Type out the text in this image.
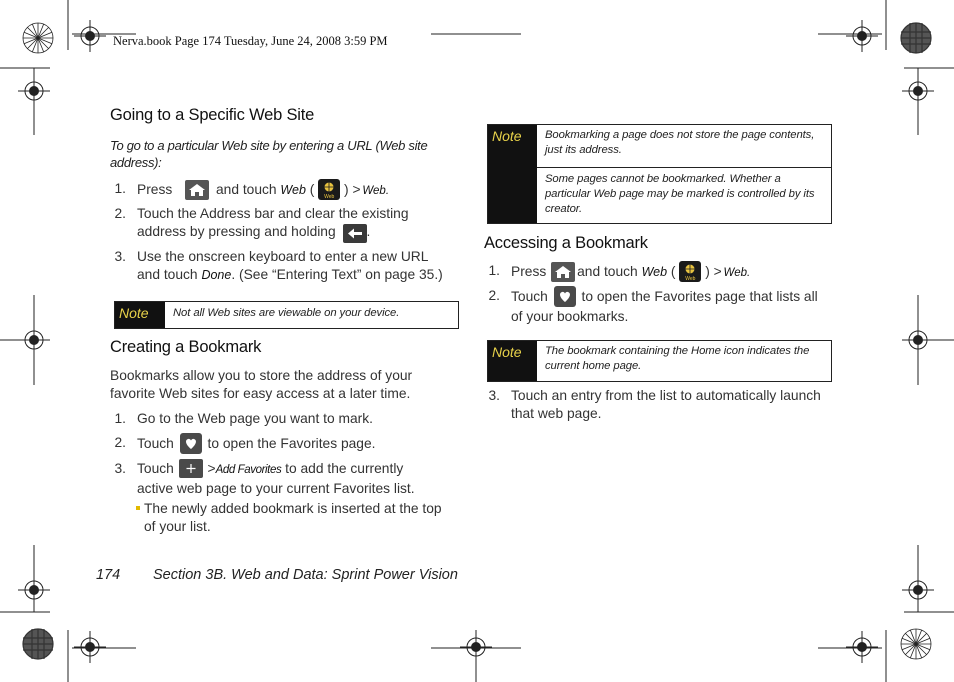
Nerva.book Page 174 Tuesday, June 24, 2008 3:59 PM
Going to a Specific Web Site
To go to a particular Web site by entering a URL (Web site address):
1. Press	and touch Web (	Web ) > Web.
2. Touch the Address bar and clear the existing
address by pressing and holding .
3. Use the onscreen keyboard to enter a new URL
and touch Done. (See “Entering Text” on page 35.)
Note	Not all Web sites are viewable on your device.
Creating a Bookmark
Bookmarks allow you to store the address of your favorite Web sites for easy access at a later time.
1. Go to the Web page you want to mark.
2. Touch to open the Favorites page.
3. Touch >Add Favorites to add the currently
active web page to your current Favorites list.
The newly added bookmark is inserted at the top
of your list.
Note	Bookmarking a page does not store the page contents, just its address.
Some pages cannot be bookmarked. Whether a particular Web page may be marked is controlled by its creator.
Accessing a Bookmark
1. Press and touch Web (	Web ) > Web.
2. Touch to open the Favorites page that lists all
of your bookmarks.
Note	The bookmark containing the Home icon indicates the current home page.
3. Touch an entry from the list to automatically launch
that web page.
174 Section 3B. Web and Data: Sprint Power Vision
